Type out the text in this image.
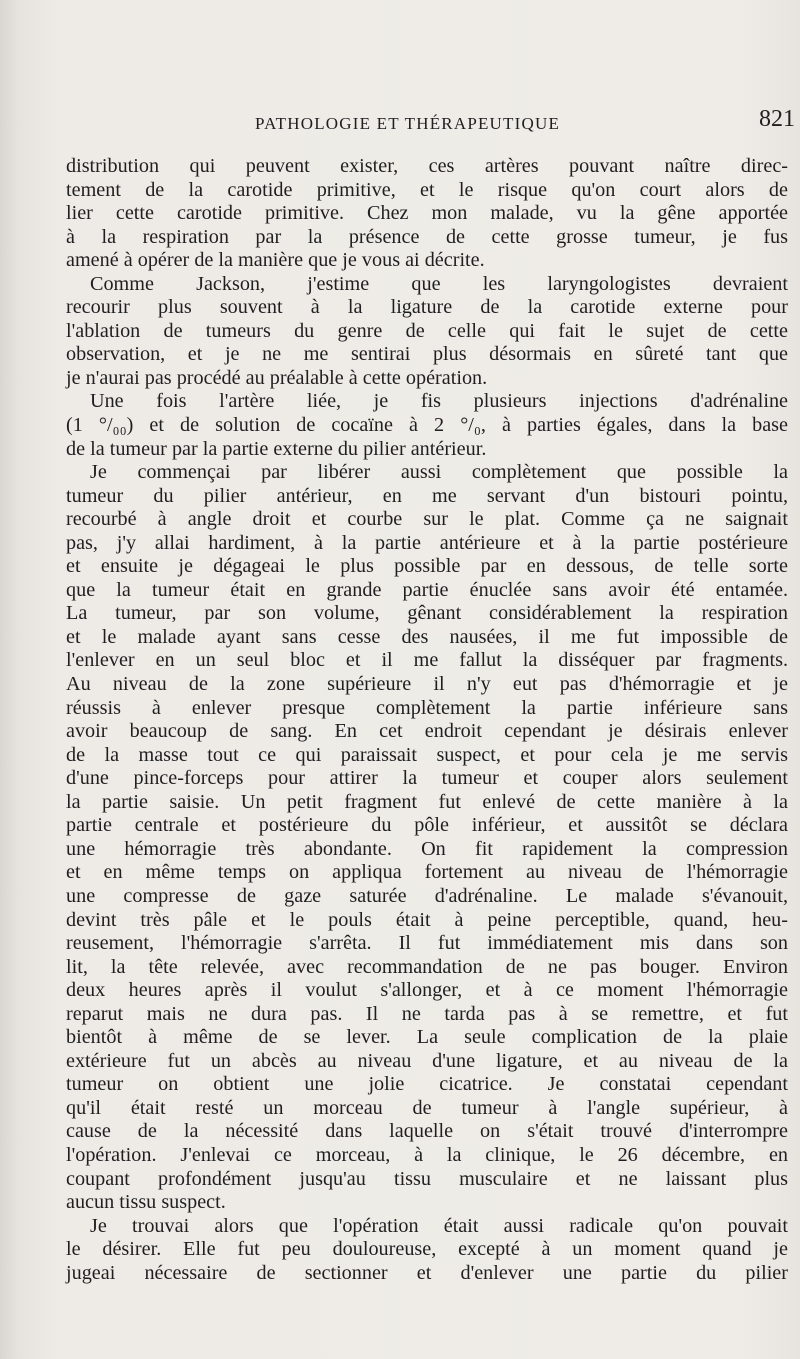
PATHOLOGIE ET THÉRAPEUTIQUE	821
distribution qui peuvent exister, ces artères pouvant naître direc-
tement de la carotide primitive, et le risque qu'on court alors de
lier cette carotide primitive. Chez mon malade, vu la gêne apportée
à la respiration par la présence de cette grosse tumeur, je fus
amené à opérer de la manière que je vous ai décrite.
Comme Jackson, j'estime que les laryngologistes devraient
recourir plus souvent à la ligature de la carotide externe pour
l'ablation de tumeurs du genre de celle qui fait le sujet de cette
observation, et je ne me sentirai plus désormais en sûreté tant que
je n'aurai pas procédé au préalable à cette opération.
Une fois l'artère liée, je fis plusieurs injections d'adrénaline
(1 °/₀₀) et de solution de cocaïne à 2 °/₀, à parties égales, dans la base
de la tumeur par la partie externe du pilier antérieur.
Je commençai par libérer aussi complètement que possible la
tumeur du pilier antérieur, en me servant d'un bistouri pointu,
recourbé à angle droit et courbe sur le plat. Comme ça ne saignait
pas, j'y allai hardiment, à la partie antérieure et à la partie postérieure
et ensuite je dégageai le plus possible par en dessous, de telle sorte
que la tumeur était en grande partie énuclée sans avoir été entamée.
La tumeur, par son volume, gênant considérablement la respiration
et le malade ayant sans cesse des nausées, il me fut impossible de
l'enlever en un seul bloc et il me fallut la disséquer par fragments.
Au niveau de la zone supérieure il n'y eut pas d'hémorragie et je
réussis à enlever presque complètement la partie inférieure sans
avoir beaucoup de sang. En cet endroit cependant je désirais enlever
de la masse tout ce qui paraissait suspect, et pour cela je me servis
d'une pince-forceps pour attirer la tumeur et couper alors seulement
la partie saisie. Un petit fragment fut enlevé de cette manière à la
partie centrale et postérieure du pôle inférieur, et aussitôt se déclara
une hémorragie très abondante. On fit rapidement la compression
et en même temps on appliqua fortement au niveau de l'hémorragie
une compresse de gaze saturée d'adrénaline. Le malade s'évanouit,
devint très pâle et le pouls était à peine perceptible, quand, heu-
reusement, l'hémorragie s'arrêta. Il fut immédiatement mis dans son
lit, la tête relevée, avec recommandation de ne pas bouger. Environ
deux heures après il voulut s'allonger, et à ce moment l'hémorragie
reparut mais ne dura pas. Il ne tarda pas à se remettre, et fut
bientôt à même de se lever. La seule complication de la plaie
extérieure fut un abcès au niveau d'une ligature, et au niveau de la
tumeur on obtient une jolie cicatrice. Je constatai cependant
qu'il était resté un morceau de tumeur à l'angle supérieur, à
cause de la nécessité dans laquelle on s'était trouvé d'interrompre
l'opération. J'enlevai ce morceau, à la clinique, le 26 décembre, en
coupant profondément jusqu'au tissu musculaire et ne laissant plus
aucun tissu suspect.
Je trouvai alors que l'opération était aussi radicale qu'on pouvait
le désirer. Elle fut peu douloureuse, excepté à un moment quand je
jugeai nécessaire de sectionner et d'enlever une partie du pilier
